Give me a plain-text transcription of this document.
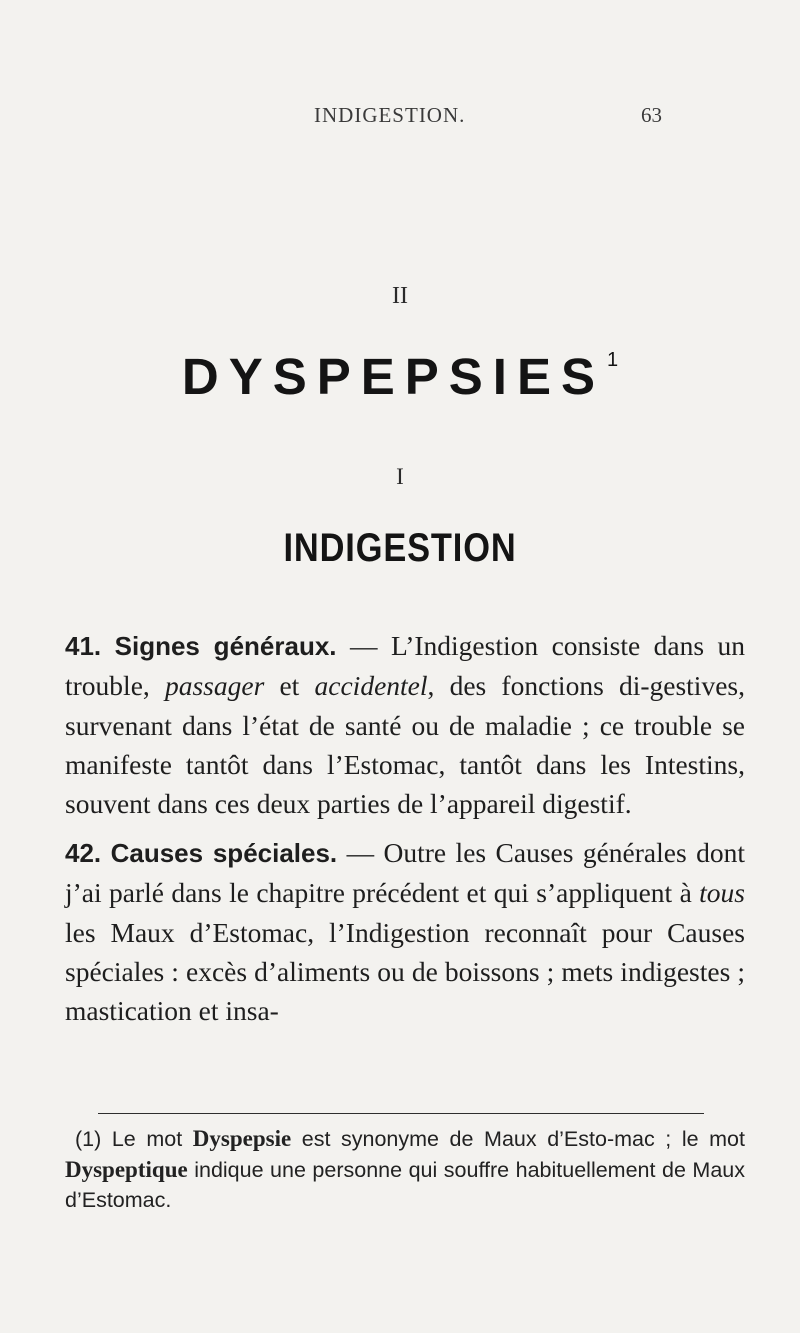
INDIGESTION.	63
II
DYSPEPSIES $^1$
I
INDIGESTION

41. Signes généraux. — L’Indigestion consiste dans un trouble, passager et accidentel, des fonctions di-gestives, survenant dans l’état de santé ou de maladie ; ce trouble se manifeste tantôt dans l’Estomac, tantôt dans les Intestins, souvent dans ces deux parties de l’appareil digestif.

42. Causes spéciales. — Outre les Causes générales dont j’ai parlé dans le chapitre précédent et qui s’appliquent à tous les Maux d’Estomac, l’Indigestion reconnaît pour Causes spéciales : excès d’aliments ou de boissons ; mets indigestes ; mastication et insa-

(1) Le mot Dyspepsie est synonyme de Maux d’Esto-mac ; le mot Dyspeptique indique une personne qui souffre habituellement de Maux d’Estomac.
